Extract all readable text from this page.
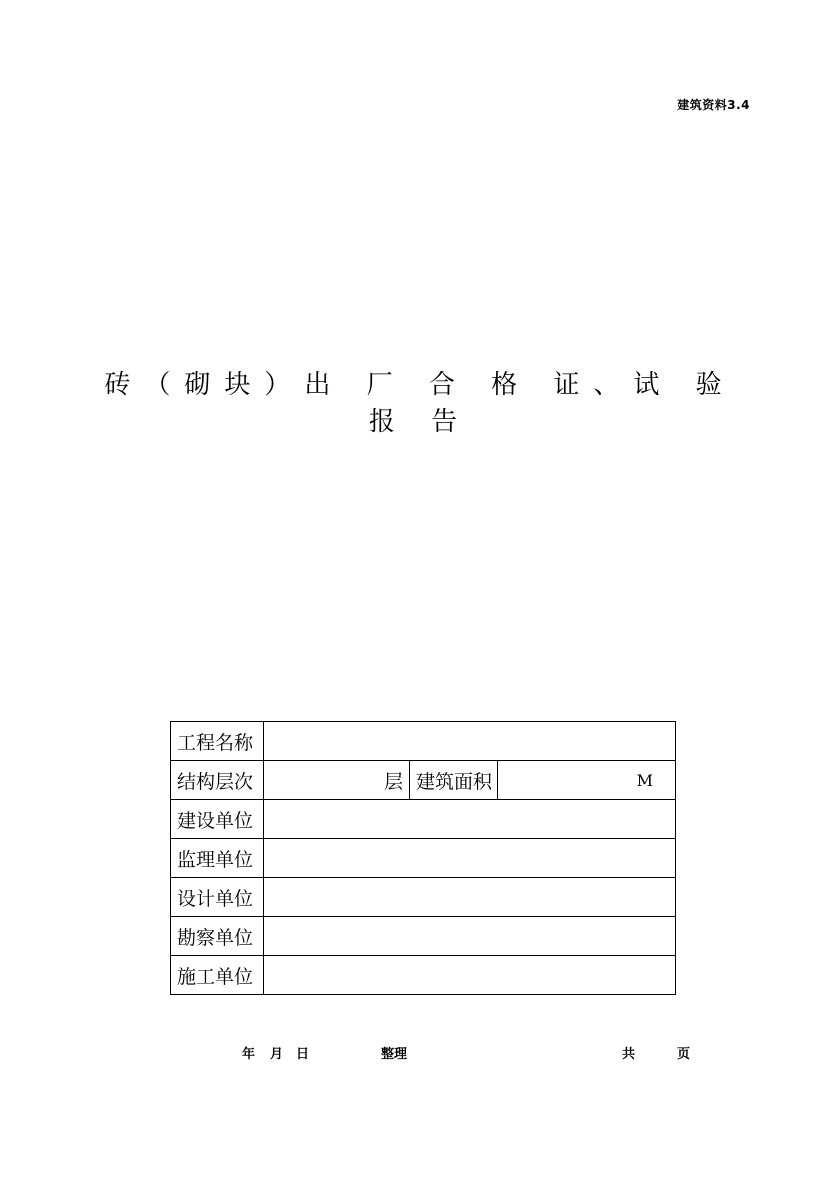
建筑资料3.4
砖（砌块）出 厂 合 格 证、试 验 报 告
工程名称			
结构层次	层	建筑面积	M
建设单位			
监理单位			
设计单位			
勘察单位			
施工单位			
年 月 日	整理	共	页
